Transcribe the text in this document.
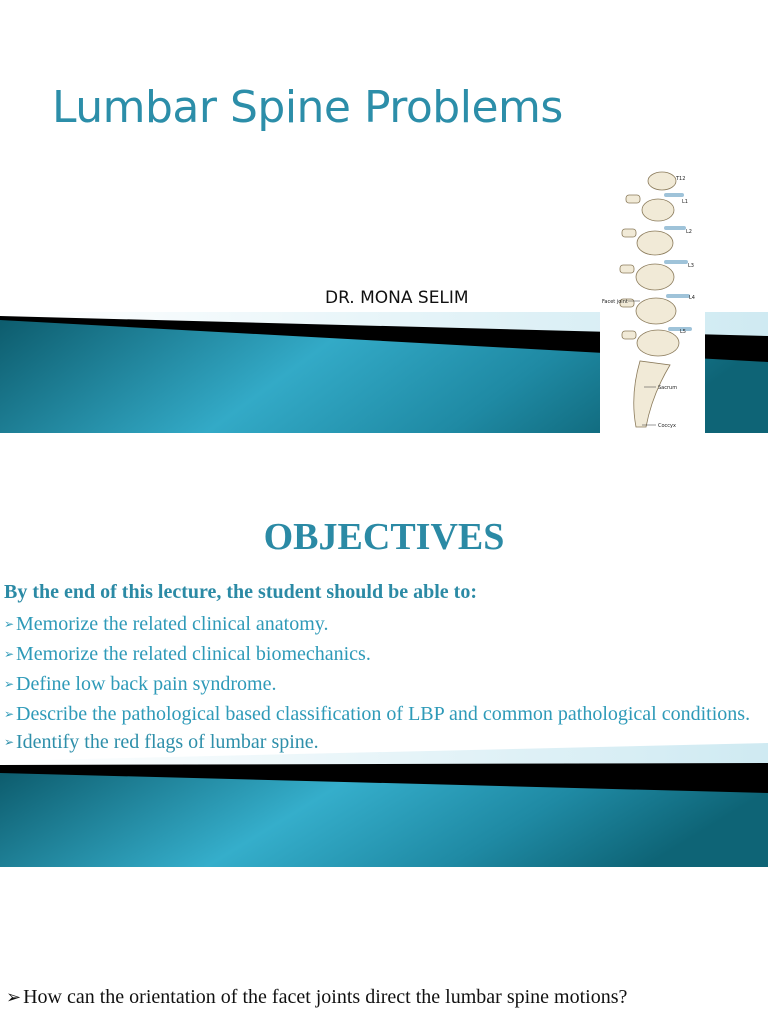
Lumbar Spine Problems
DR. MONA SELIM
T12
L1
L2
L3
L4
L5
Facet joint
Sacrum
Coccyx
OBJECTIVES
By the end of this lecture, the student should be able to:
➢ Memorize the related clinical anatomy.
➢ Memorize the related clinical biomechanics.
➢ Define low back pain syndrome.
➢ Describe the pathological based classification of LBP and common pathological conditions.
➢ Identify the red flags of lumbar spine.
➢ How can the orientation of the facet joints direct the lumbar spine motions?
